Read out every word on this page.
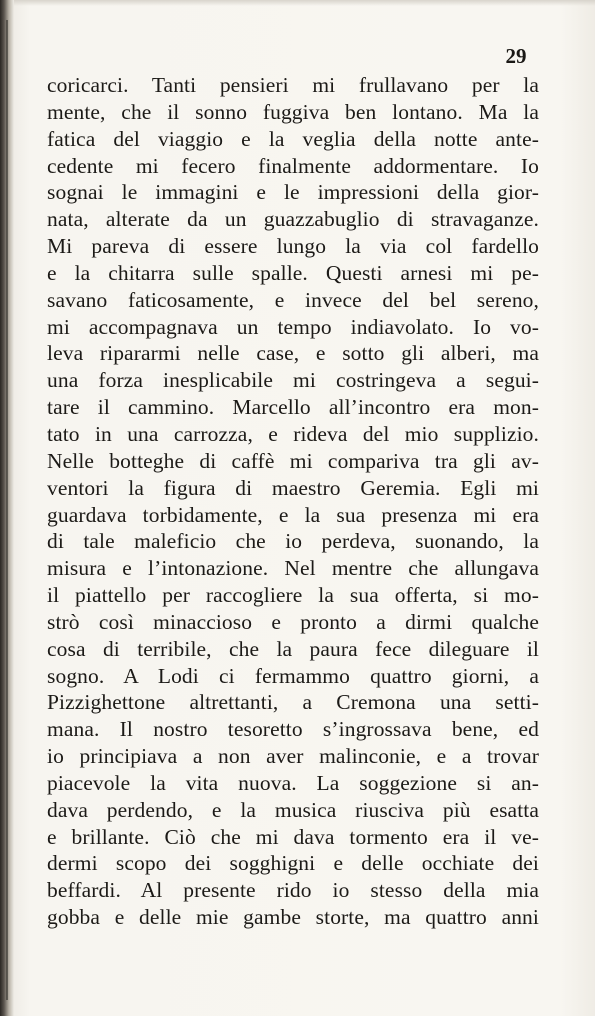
29
coricarci. Tanti pensieri mi frullavano per la
mente, che il sonno fuggiva ben lontano. Ma la
fatica del viaggio e la veglia della notte ante-
cedente mi fecero finalmente addormentare. Io
sognai le immagini e le impressioni della gior-
nata, alterate da un guazzabuglio di stravaganze.
Mi pareva di essere lungo la via col fardello
e la chitarra sulle spalle. Questi arnesi mi pe-
savano faticosamente, e invece del bel sereno,
mi accompagnava un tempo indiavolato. Io vo-
leva ripararmi nelle case, e sotto gli alberi, ma
una forza inesplicabile mi costringeva a segui-
tare il cammino. Marcello all’incontro era mon-
tato in una carrozza, e rideva del mio supplizio.
Nelle botteghe di caffè mi compariva tra gli av-
ventori la figura di maestro Geremia. Egli mi
guardava torbidamente, e la sua presenza mi era
di tale maleficio che io perdeva, suonando, la
misura e l’intonazione. Nel mentre che allungava
il piattello per raccogliere la sua offerta, si mo-
strò così minaccioso e pronto a dirmi qualche
cosa di terribile, che la paura fece dileguare il
sogno. A Lodi ci fermammo quattro giorni, a
Pizzighettone altrettanti, a Cremona una setti-
mana. Il nostro tesoretto s’ingrossava bene, ed
io principiava a non aver malinconie, e a trovar
piacevole la vita nuova. La soggezione si an-
dava perdendo, e la musica riusciva più esatta
e brillante. Ciò che mi dava tormento era il ve-
dermi scopo dei sogghigni e delle occhiate dei
beffardi. Al presente rido io stesso della mia
gobba e delle mie gambe storte, ma quattro anni
